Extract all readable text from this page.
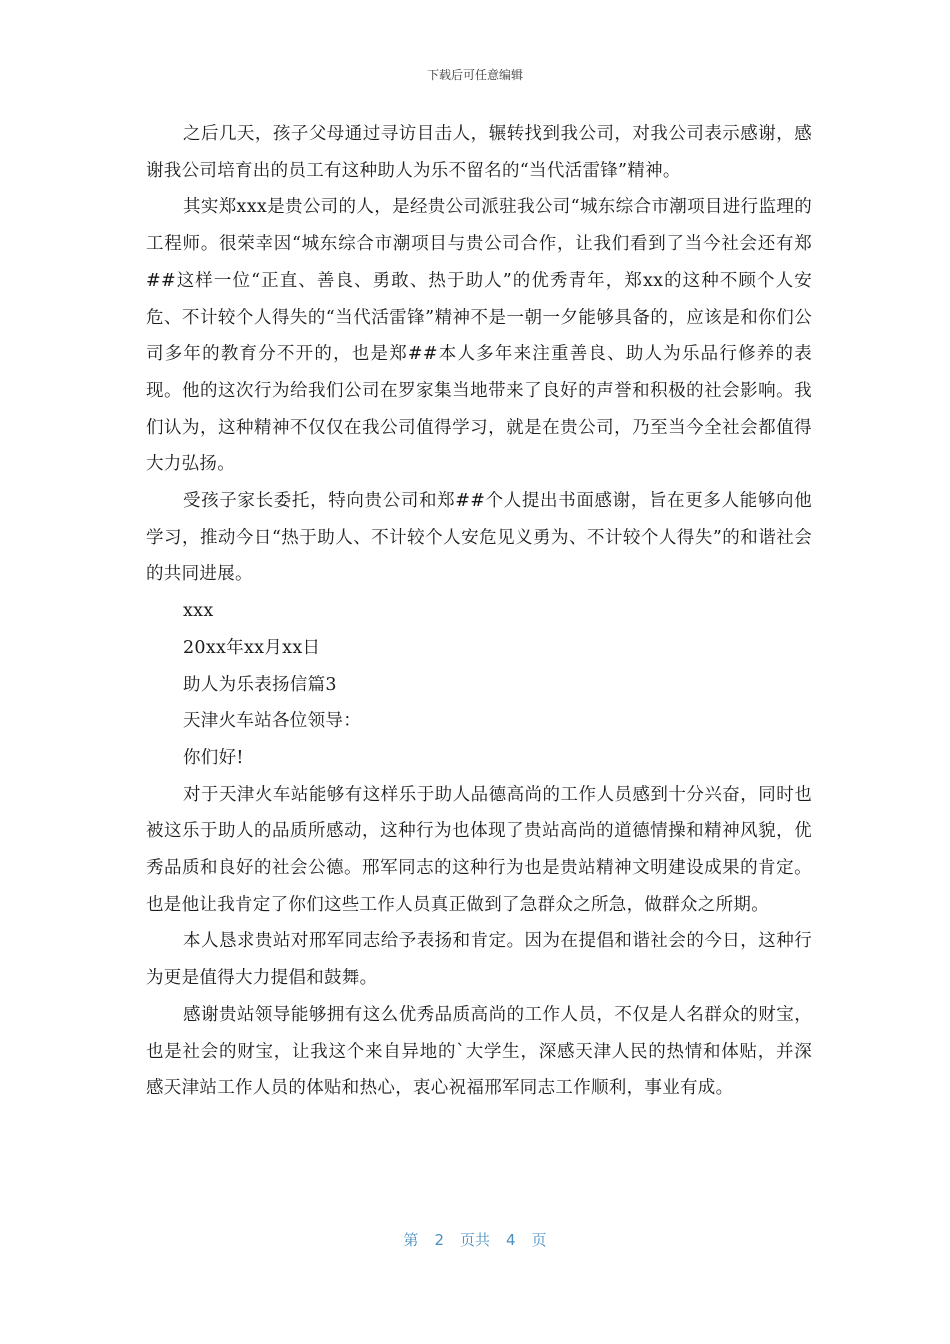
下载后可任意编辑

之后几天，孩子父母通过寻访目击人，辗转找到我公司，对我公司表示感谢，感谢我公司培育出的员工有这种助人为乐不留名的“当代活雷锋”精神。

其实郑xxx是贵公司的人，是经贵公司派驻我公司“城东综合市潮项目进行监理的工程师。很荣幸因“城东综合市潮项目与贵公司合作，让我们看到了当今社会还有郑##这样一位“正直、善良、勇敢、热于助人”的优秀青年，郑xx的这种不顾个人安危、不计较个人得失的“当代活雷锋”精神不是一朝一夕能够具备的，应该是和你们公司多年的教育分不开的，也是郑##本人多年来注重善良、助人为乐品行修养的表现。他的这次行为给我们公司在罗家集当地带来了良好的声誉和积极的社会影响。我们认为，这种精神不仅仅在我公司值得学习，就是在贵公司，乃至当今全社会都值得大力弘扬。

受孩子家长委托，特向贵公司和郑##个人提出书面感谢，旨在更多人能够向他学习，推动今日“热于助人、不计较个人安危见义勇为、不计较个人得失”的和谐社会的共同进展。

xxx

20xx年xx月xx日

助人为乐表扬信篇3

天津火车站各位领导：

你们好!

对于天津火车站能够有这样乐于助人品德高尚的工作人员感到十分兴奋，同时也被这乐于助人的品质所感动，这种行为也体现了贵站高尚的道德情操和精神风貌，优秀品质和良好的社会公德。邢军同志的这种行为也是贵站精神文明建设成果的肯定。也是他让我肯定了你们这些工作人员真正做到了急群众之所急，做群众之所期。

本人恳求贵站对邢军同志给予表扬和肯定。因为在提倡和谐社会的今日，这种行为更是值得大力提倡和鼓舞。

感谢贵站领导能够拥有这么优秀品质高尚的工作人员，不仅是人名群众的财宝，也是社会的财宝，让我这个来自异地的`大学生，深感天津人民的热情和体贴，并深感天津站工作人员的体贴和热心，衷心祝福邢军同志工作顺利，事业有成。

第 2 页共 4 页
